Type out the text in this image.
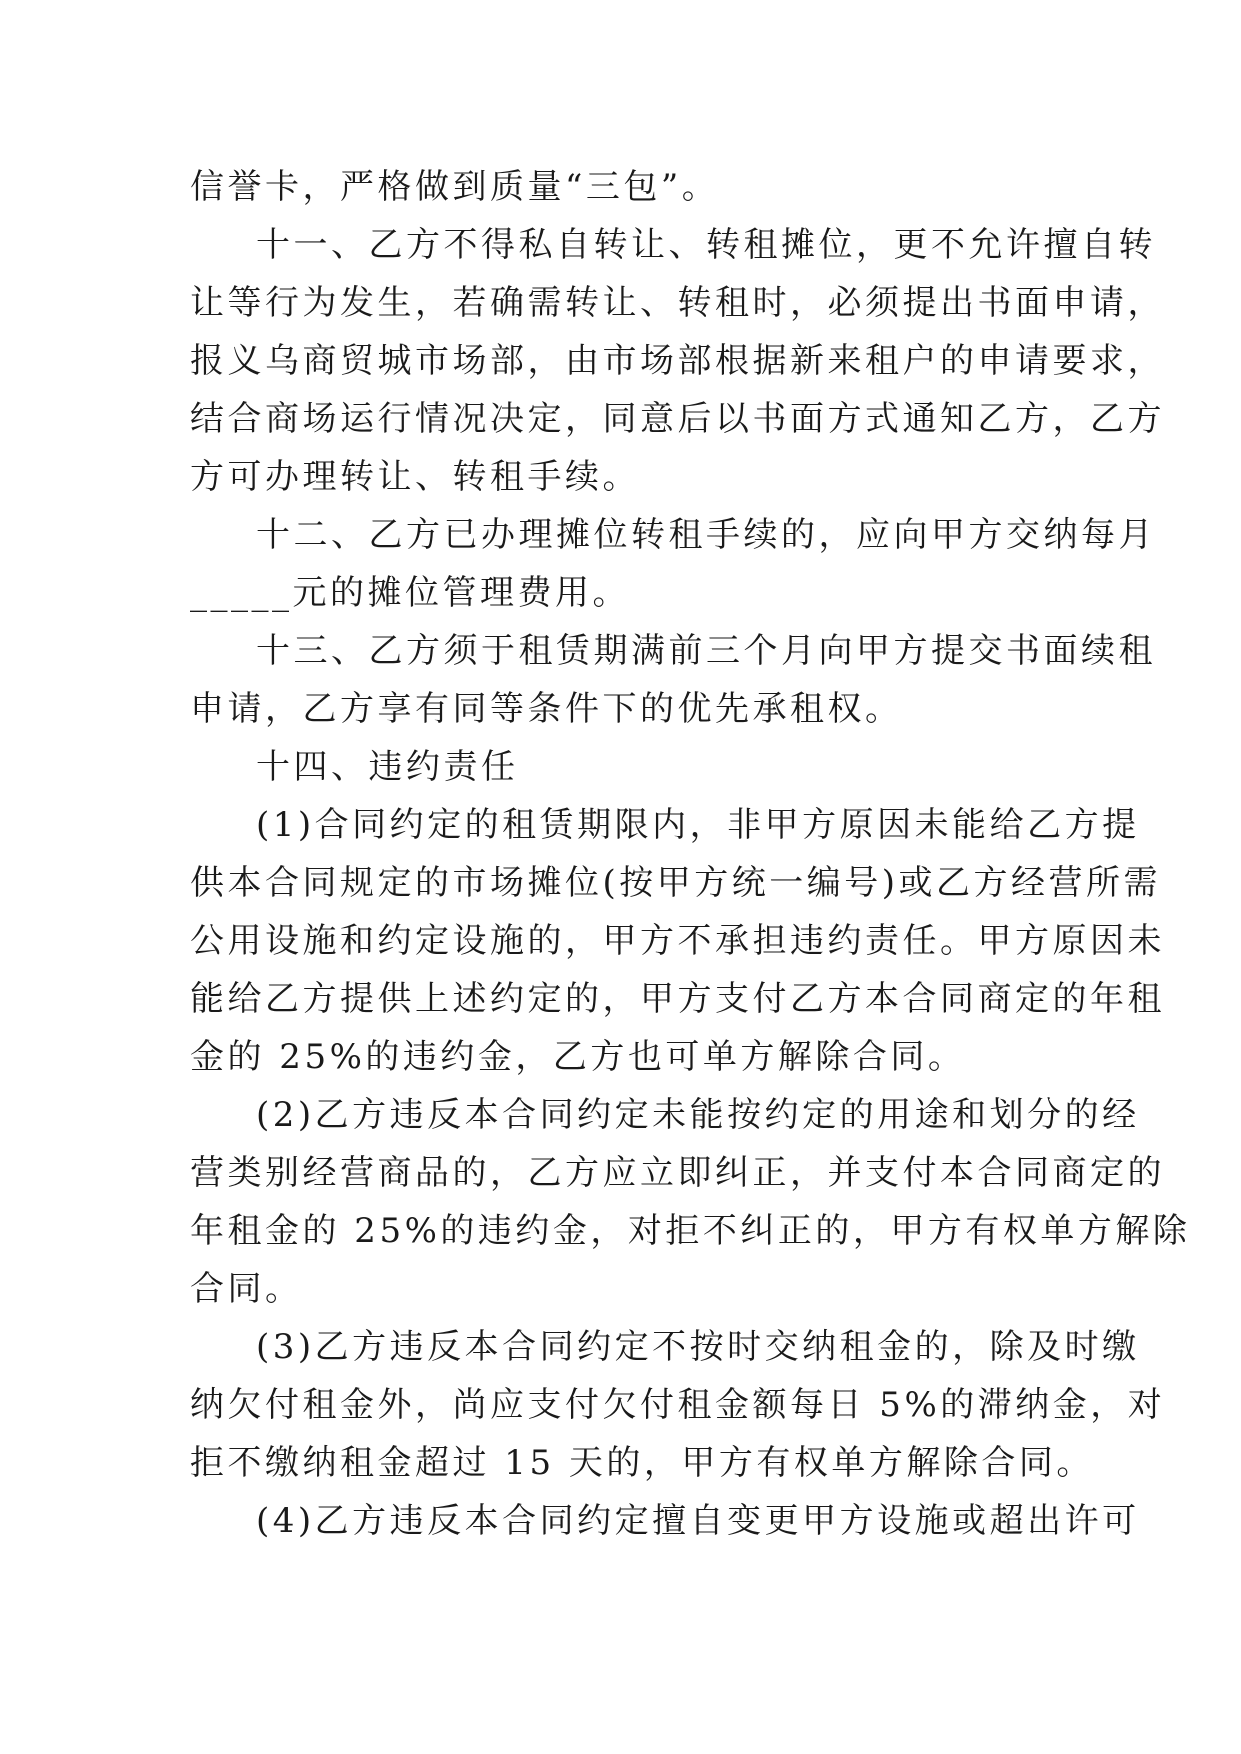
信誉卡，严格做到质量“三包”。
十一、乙方不得私自转让、转租摊位，更不允许擅自转
让等行为发生，若确需转让、转租时，必须提出书面申请，
报义乌商贸城市场部，由市场部根据新来租户的申请要求，
结合商场运行情况决定，同意后以书面方式通知乙方，乙方
方可办理转让、转租手续。
十二、乙方已办理摊位转租手续的，应向甲方交纳每月
_____元的摊位管理费用。
十三、乙方须于租赁期满前三个月向甲方提交书面续租
申请，乙方享有同等条件下的优先承租权。
十四、违约责任
(1)合同约定的租赁期限内，非甲方原因未能给乙方提
供本合同规定的市场摊位(按甲方统一编号)或乙方经营所需
公用设施和约定设施的，甲方不承担违约责任。甲方原因未
能给乙方提供上述约定的，甲方支付乙方本合同商定的年租
金的 25%的违约金，乙方也可单方解除合同。
(2)乙方违反本合同约定未能按约定的用途和划分的经
营类别经营商品的，乙方应立即纠正，并支付本合同商定的
年租金的 25%的违约金，对拒不纠正的，甲方有权单方解除
合同。
(3)乙方违反本合同约定不按时交纳租金的，除及时缴
纳欠付租金外，尚应支付欠付租金额每日 5%的滞纳金，对
拒不缴纳租金超过 15 天的，甲方有权单方解除合同。
(4)乙方违反本合同约定擅自变更甲方设施或超出许可
